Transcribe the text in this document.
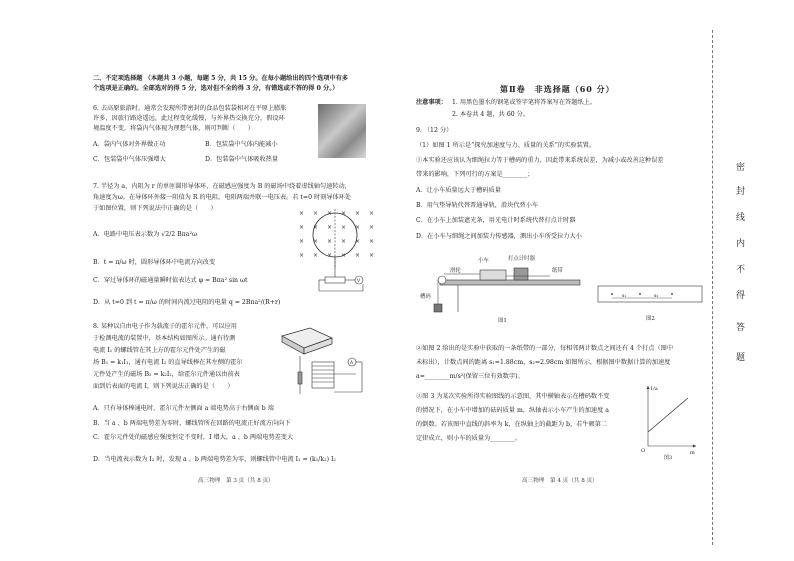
二、不定项选择题 （本题共 3 小题，每题 5 分，共 15 分。在每小题给出的四个选项中有多
个选项是正确的。全部选对的得 5 分，选对但不全的得 3 分，有错选或不答的得 0 分。）
6. 去高原旅游时，通常会发现所带密封的食品包装袋相对在平原上膨胀
许多，因旅行路途遥远，此过程变化缓慢，与外界热交换充分，假设环
境温度不变，将袋内气体视为理想气体，则可判断（　　）
A．袋内气体对外界做正功	B．包装袋中气体内能减小
C．包装袋中气体压强增大	D．包装袋中气体吸收热量
7. 半径为 a、内阻为 r 的单匝圆形导体环，在磁感应强度为 B 的磁场中绕着虚线轴匀速转动，
角速度为ω。在导体环外接一阻值为 R 的电阻，电阻两端并联一电压表。若 t=0 时刻导体环处
于如图位置，则下列说法中正确的是（　　）
× × × × × ×
× × × × × ×
× × × × × ×
× × × × × ×
V
A．电路中电压表示数为 √2/2 Bπa²ω
B．t = π/ω 时，圆形导体环中电流方向改变
C．穿过导体环的磁通量瞬时值表达式 φ = Bπa² sin ωt
D．从 t=0 到 t = π/ω 的时间内流过电阻的电量 q = 2Bπa²/(R+r)
8. 某种以自由电子作为载流子的霍尔元件，可以应用
于检测电流的装置中，基本结构如图所示。通有待测
电流 I₁ 的螺线管在其上方的霍尔元件处产生的磁
场 B₁ = k₁I₁，通有电流 I₂ 的直导线棒在其左侧的霍尔
元件处产生的磁场 B₂ = k₂I₂，给霍尔元件通以由前表
面到后表面的电流 I，则下列说法正确的是（　　）
A
A．只有导体棒通电时，霍尔元件左侧面 a 端电势高于右侧面 b 端
B．当 a 、b 两端电势差为零时，螺线管所在回路的电流正好流方向向下
C．霍尔元件处的磁感应强度恒定不变时，I 增大，a 、b 两端电势差变大
D．当电流表示数为 I₂ 时，发现 a 、b 两端电势差为零，则螺线管中电流 I₁ = (k₁/k₂) I₂
高三物理　第 3 页（共 8 页）
第Ⅱ卷　非选择题（60 分）
注意事项： 1. 用黑色墨水的钢笔或签字笔将答案写在答题纸上。
2. 本卷共 4 题，共 60 分。
9. （12 分）
（1）如图 1 所示是“探究加速度与力、质量的关系”的实验装置。
①本实验还应该认为细绳拉力等于槽码的重力，因此带来系统误差，为减小或改善这种误差
带来的影响，下列可行的方案是________；
A．让小车质量远大于槽码质量
B．用气垫导轨代替普通导轨，滑块代替小车
C．在小车上加装遮光条，用光电计时系统代替打点计时器
D．在小车与细绳之间加装力传感器，测出小车所受拉力大小
小车	打点计时器
滑轮	纸带
槽码
图1
s₁	s₂
图2
②如图 2 给出的是实验中获取的一条纸带的一部分，每相邻两计数点之间还有 4 个打点（图中
未标出），计数点间的距离 s₁=1.88cm，s₂=2.98cm 如图所示，根据图中数据计算的加速度
a=________m/s²(保留三位有效数字)。
③图 3 为某次实验所得实验图线的示意图，其中横轴表示在槽码数不变
的情况下，在小车中增加的砝码质量 m，纵轴表示小车产生的加速度 a
的倒数。若该图中直线的斜率为 k，在纵轴上的截距为 b，若牛顿第二
定律成立，则小车的质量为________。
1/a
m
O
图3
高三物理　第 4 页（共 8 页）
密
封
线
内
不
得
答
题
